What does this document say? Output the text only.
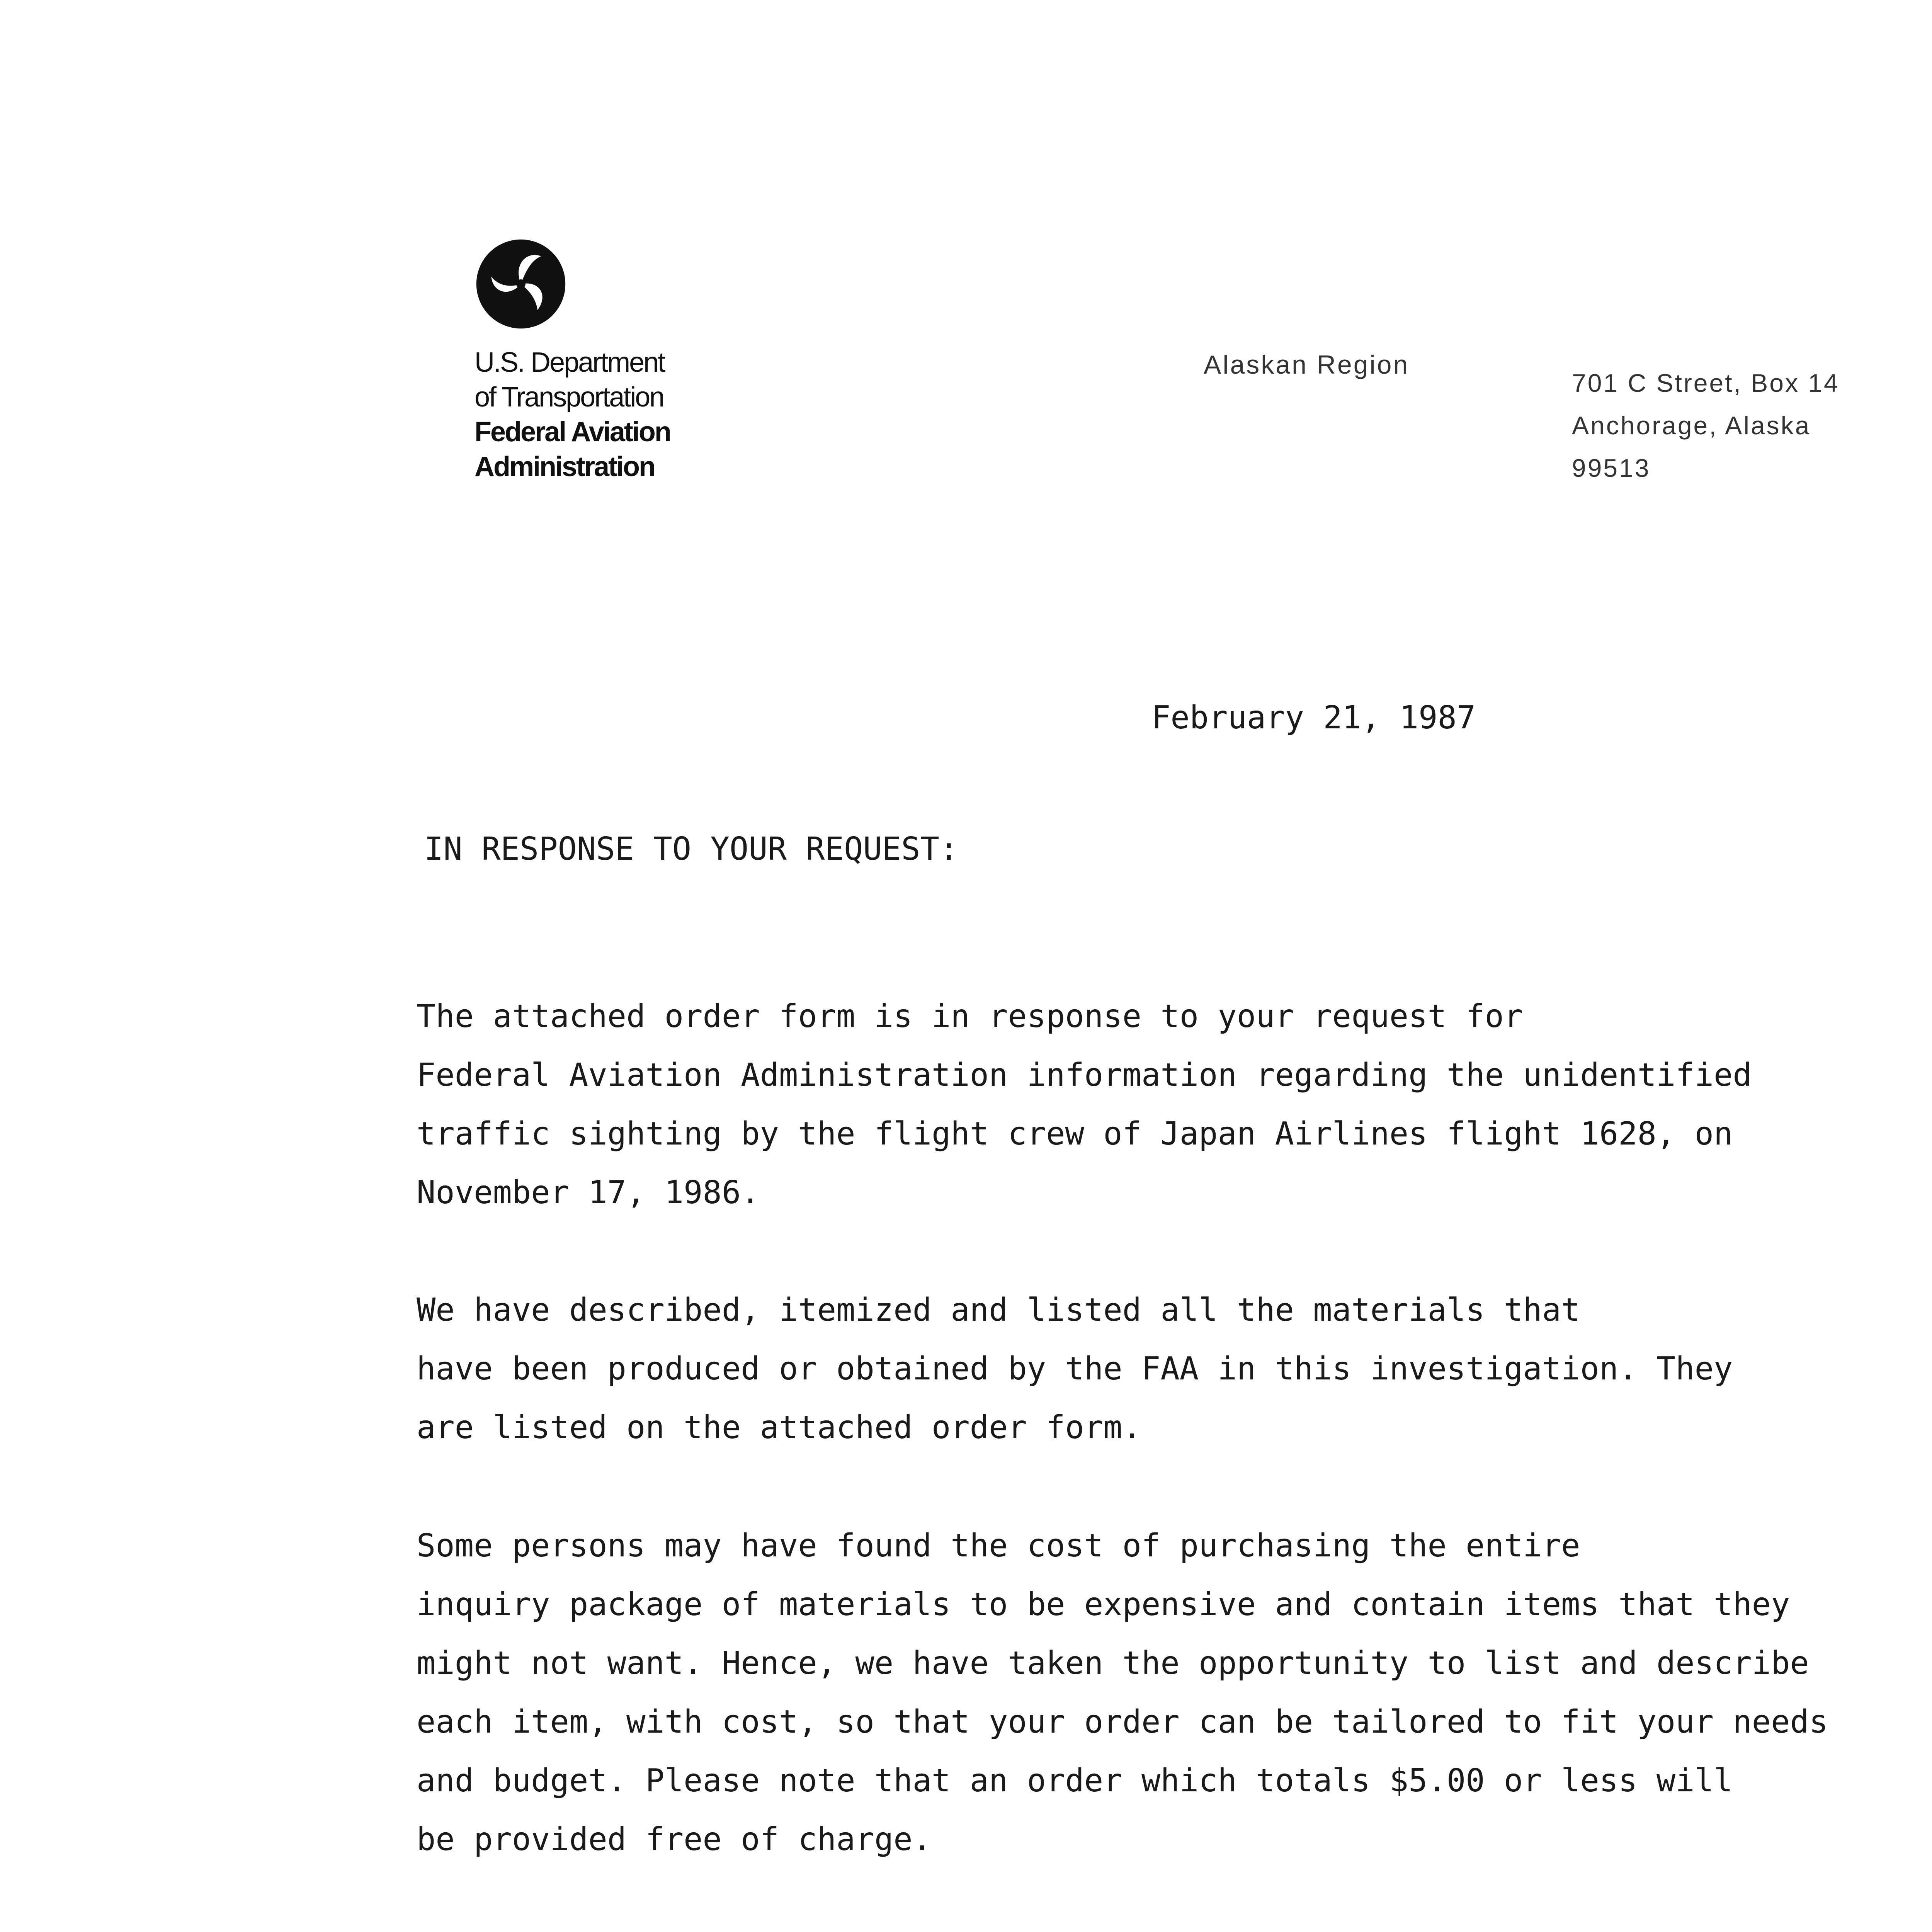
U.S. Department
of Transportation
Federal Aviation
Administration
Alaskan Region
701 C Street, Box 14
Anchorage, Alaska
99513
February 21, 1987
IN RESPONSE TO YOUR REQUEST:

The attached order form is in response to your request for
Federal Aviation Administration information regarding the unidentified
traffic sighting by the flight crew of Japan Airlines flight 1628, on
November 17, 1986.

We have described, itemized and listed all the materials that
have been produced or obtained by the FAA in this investigation. They
are listed on the attached order form.

Some persons may have found the cost of purchasing the entire
inquiry package of materials to be expensive and contain items that they
might not want. Hence, we have taken the opportunity to list and describe
each item, with cost, so that your order can be tailored to fit your needs
and budget. Please note that an order which totals $5.00 or less will
be provided free of charge.
